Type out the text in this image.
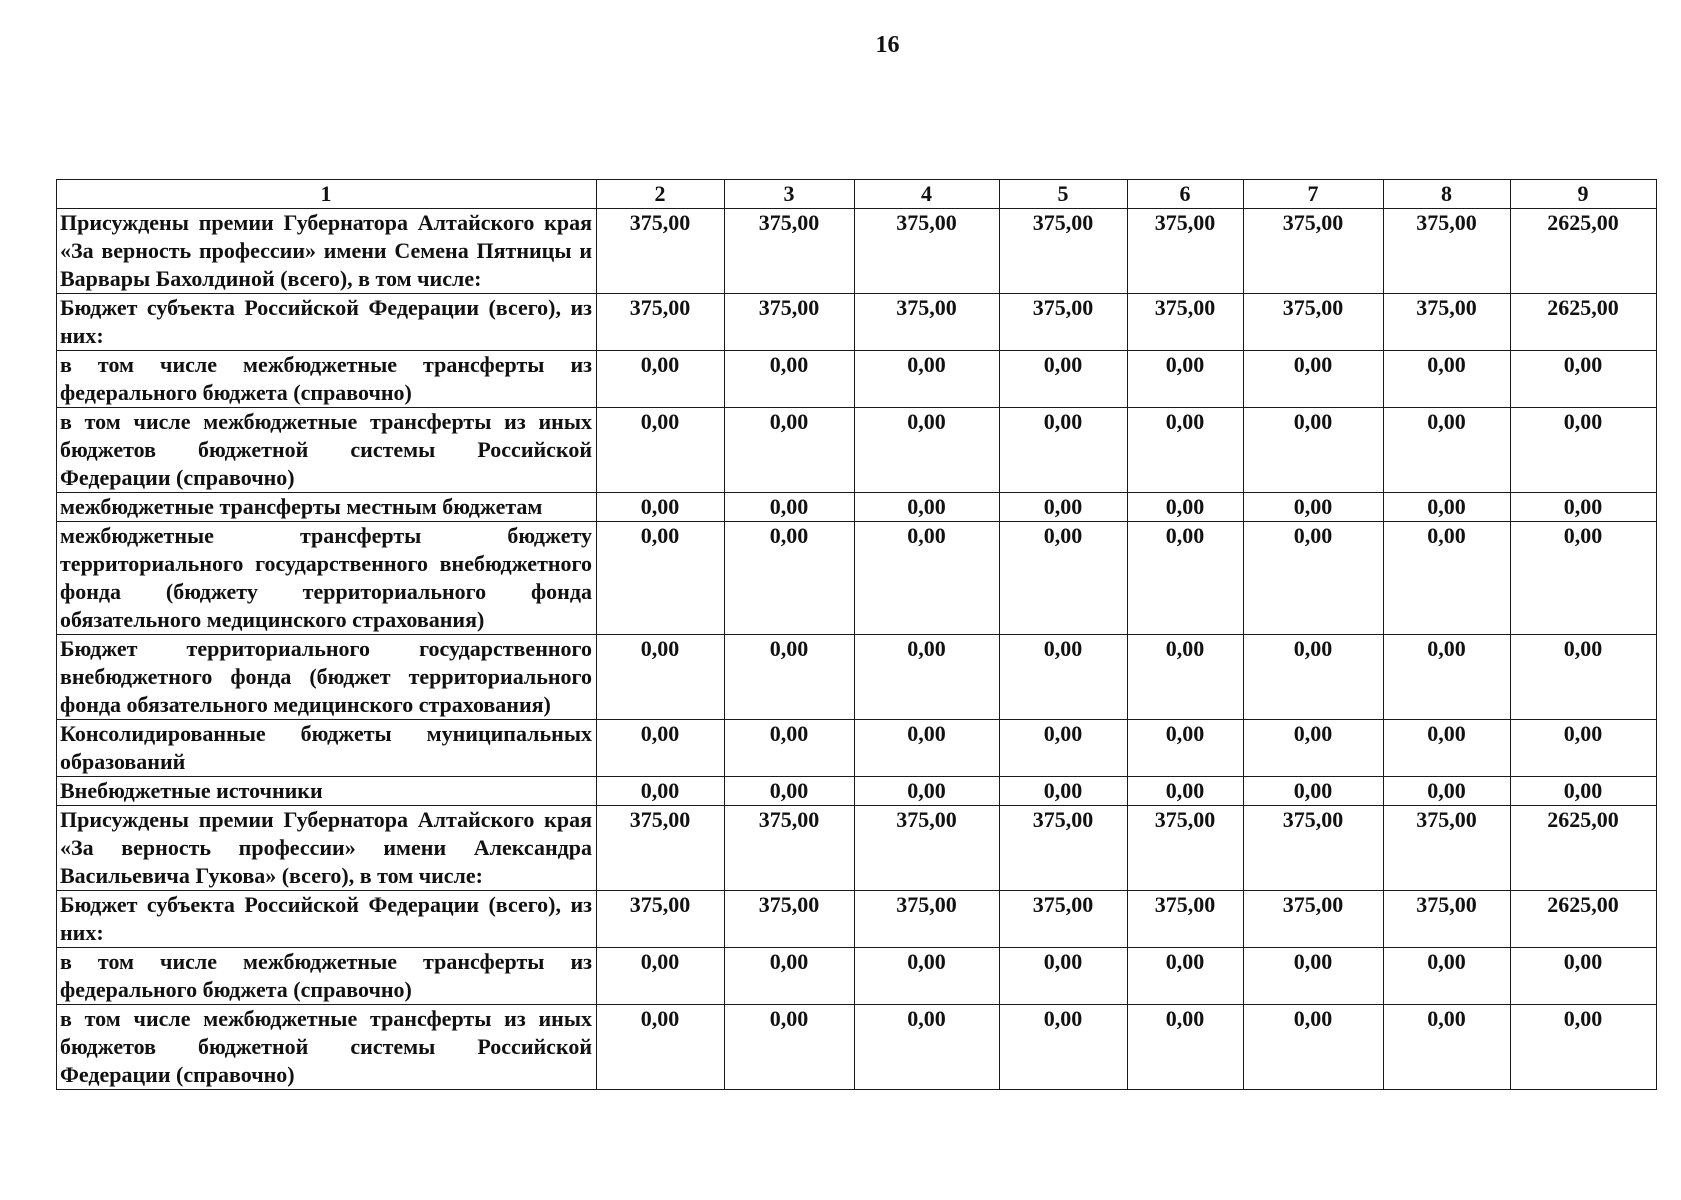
16
1	2	3	4	5	6	7	8	9
Присуждены премии Губернатора Алтайского края «За верность профессии» имени Семена Пятницы и Варвары Бахолдиной (всего), в том числе:	375,00	375,00	375,00	375,00	375,00	375,00	375,00	2625,00
Бюджет субъекта Российской Федерации (всего), из них:	375,00	375,00	375,00	375,00	375,00	375,00	375,00	2625,00
в том числе межбюджетные трансферты из федерального бюджета (справочно)	0,00	0,00	0,00	0,00	0,00	0,00	0,00	0,00
в том числе межбюджетные трансферты из иных бюджетов бюджетной системы Российской Федерации (справочно)	0,00	0,00	0,00	0,00	0,00	0,00	0,00	0,00
межбюджетные трансферты местным бюджетам	0,00	0,00	0,00	0,00	0,00	0,00	0,00	0,00
межбюджетные трансферты бюджету территориального государственного внебюджетного фонда (бюджету территориального фонда обязательного медицинского страхования)	0,00	0,00	0,00	0,00	0,00	0,00	0,00	0,00
Бюджет территориального государственного внебюджетного фонда (бюджет территориального фонда обязательного медицинского страхования)	0,00	0,00	0,00	0,00	0,00	0,00	0,00	0,00
Консолидированные бюджеты муниципальных образований	0,00	0,00	0,00	0,00	0,00	0,00	0,00	0,00
Внебюджетные источники	0,00	0,00	0,00	0,00	0,00	0,00	0,00	0,00
Присуждены премии Губернатора Алтайского края «За верность профессии» имени Александра Васильевича Гукова» (всего), в том числе:	375,00	375,00	375,00	375,00	375,00	375,00	375,00	2625,00
Бюджет субъекта Российской Федерации (всего), из них:	375,00	375,00	375,00	375,00	375,00	375,00	375,00	2625,00
в том числе межбюджетные трансферты из федерального бюджета (справочно)	0,00	0,00	0,00	0,00	0,00	0,00	0,00	0,00
в том числе межбюджетные трансферты из иных бюджетов бюджетной системы Российской Федерации (справочно)	0,00	0,00	0,00	0,00	0,00	0,00	0,00	0,00
